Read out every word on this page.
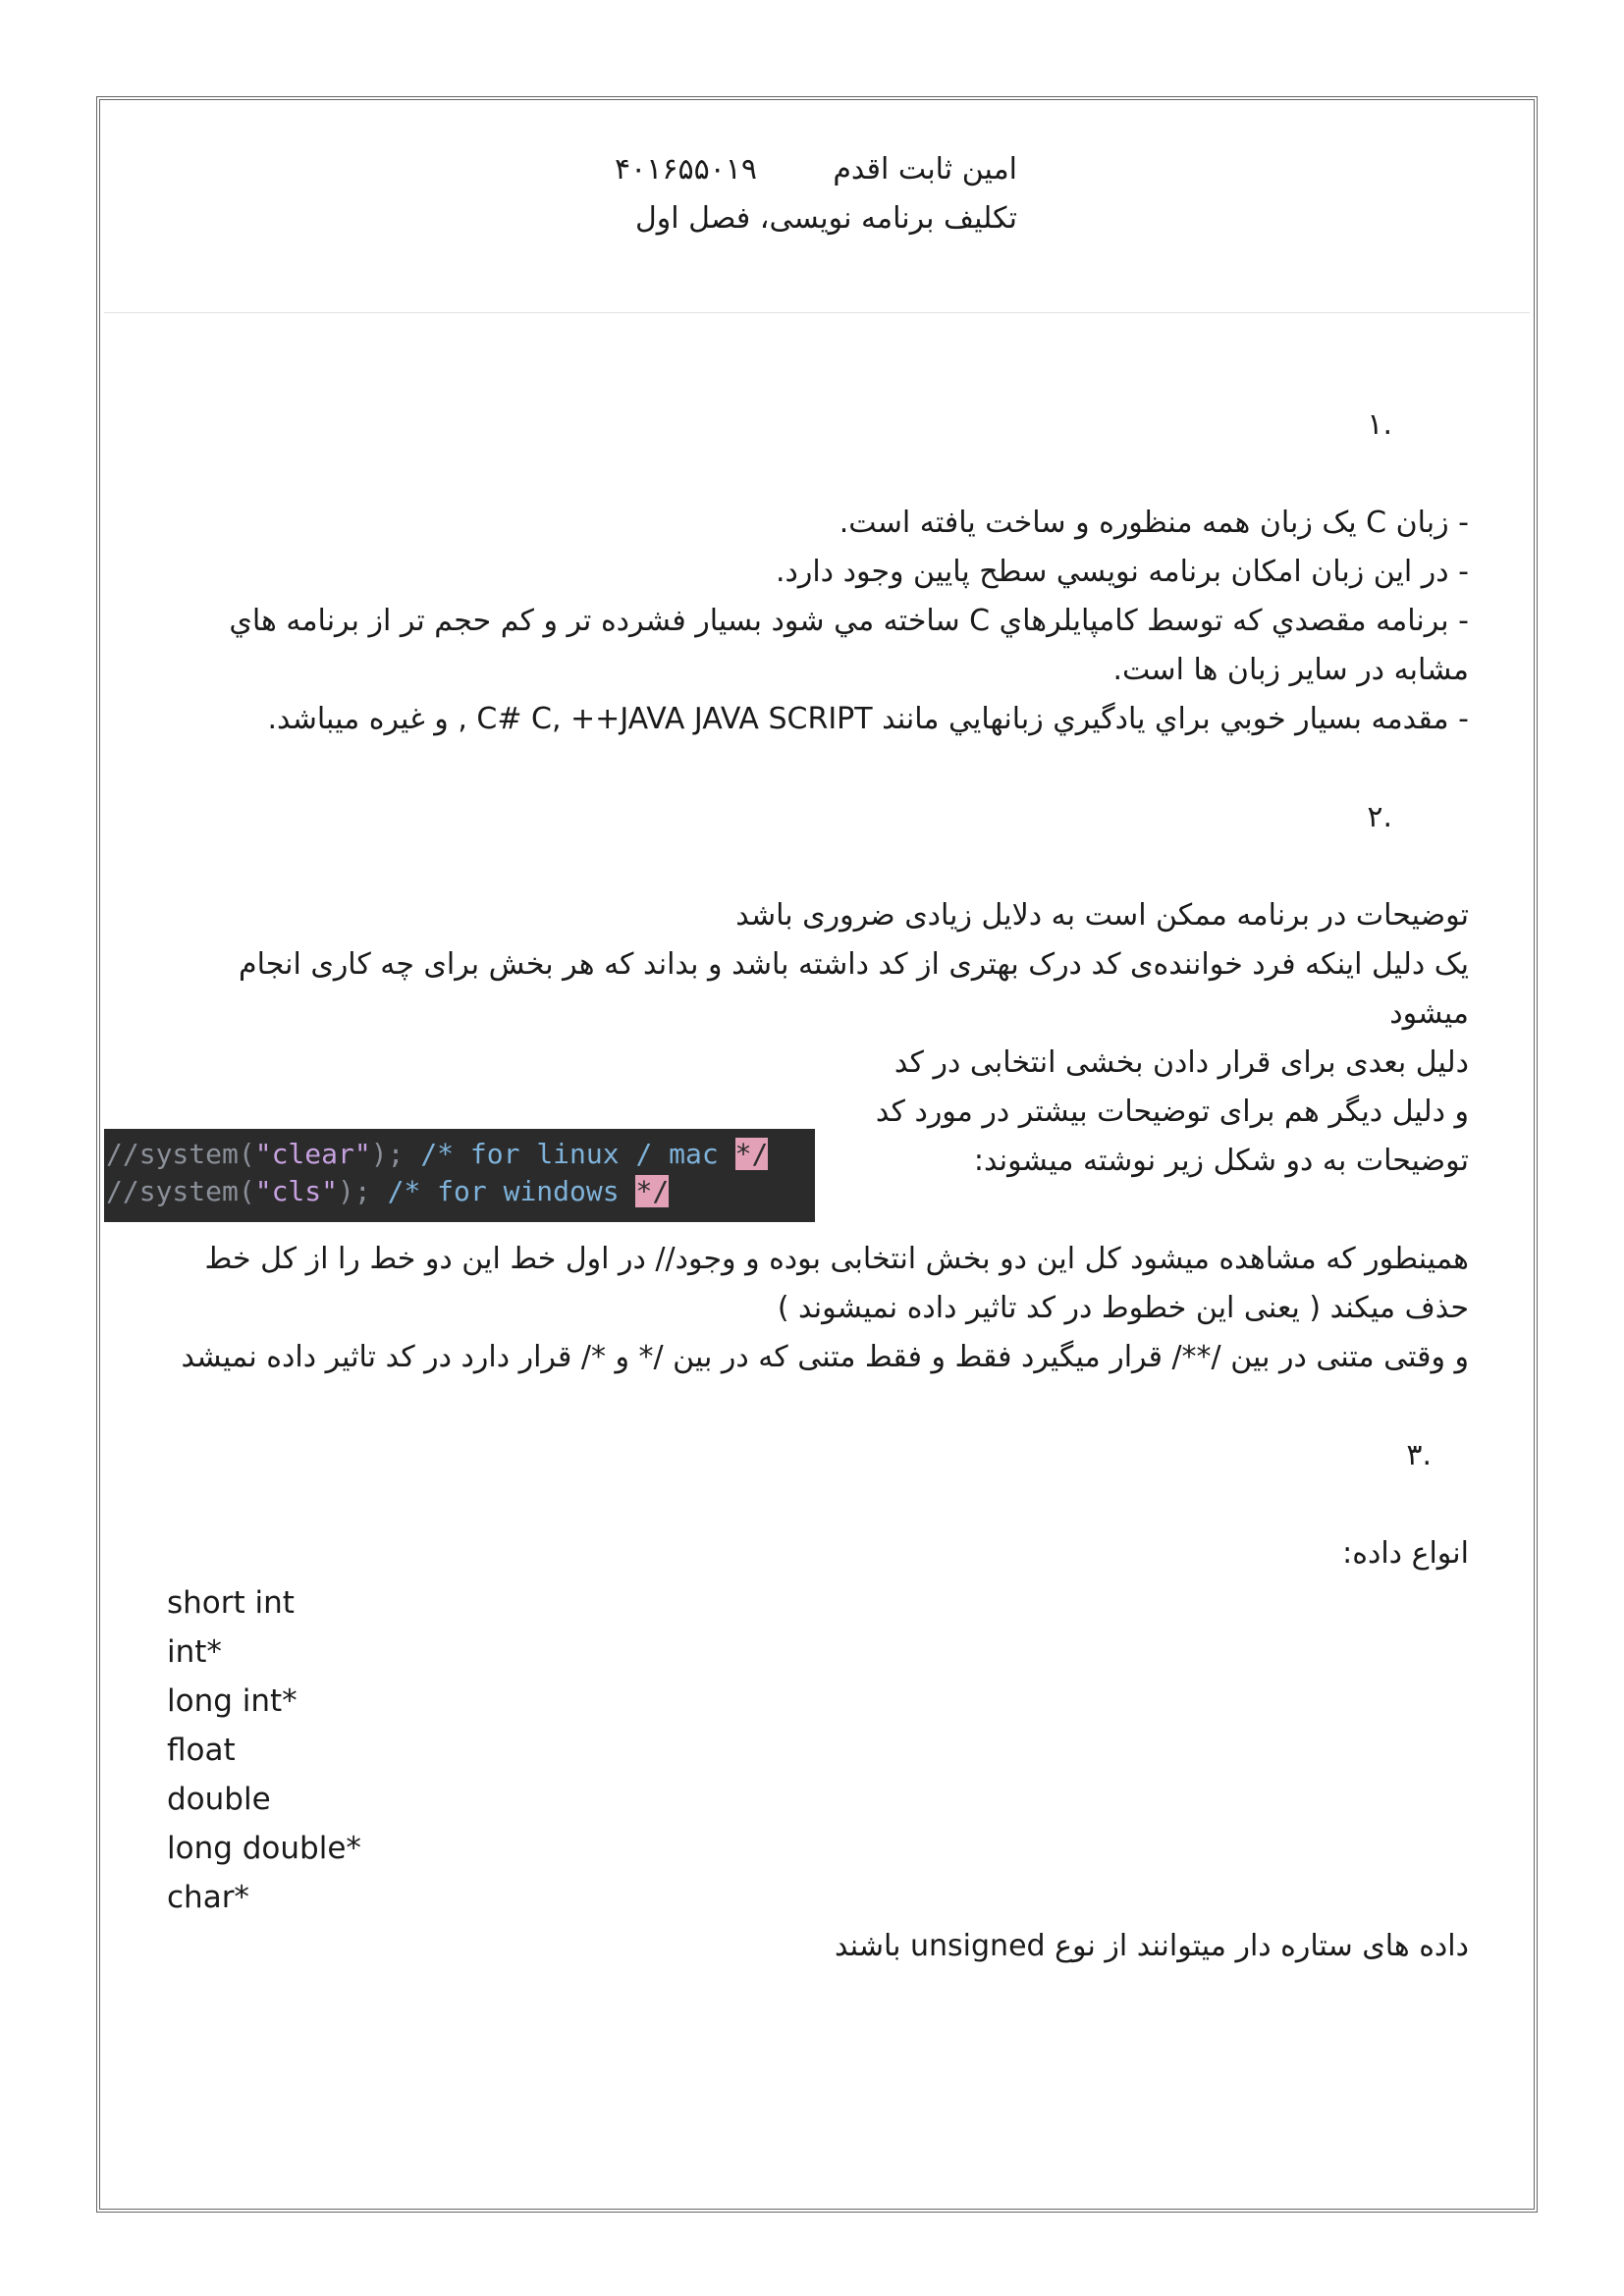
امین ثابت اقدم
۴۰۱۶۵۵۰۱۹
تکلیف برنامه نویسی، فصل اول
.۱
- زبان C یک زبان همه منظوره و ساخت یافته است.
- در این زبان امکان برنامه نويسي سطح پایين وجود دارد.
- برنامه مقصدي كه توسط كامپايلرهاي C ساخته مي شود بسيار فشرده تر و كم حجم تر از برنامه هاي
مشابه در ساير زبان ها است.
- مقدمه بسيار خوبي براي يادگيري زبانهايي مانند C# C, ++JAVA JAVA SCRIPT , و غیره میباشد.
.۲
توضیحات در برنامه ممکن است به دلایل زیادی ضروری باشد
یک دلیل اینکه فرد خواننده‌ی کد درک بهتری از کد داشته باشد و بداند که هر بخش برای چه کاری انجام
میشود
دلیل بعدی برای قرار دادن بخشی انتخابی در کد
و دلیل دیگر هم برای توضیحات بیشتر در مورد کد
توضیحات به دو شکل زیر نوشته میشوند:
//system("clear"); /* for linux / mac */
//system("cls"); /* for windows */
همینطور که مشاهده میشود کل این دو بخش انتخابی بوده و وجود// در اول خط این دو خط را از کل خط
حذف میکند ( یعنی این خطوط در کد تاثیر داده نمیشوند )
و وقتی متنی در بین /**/ قرار میگیرد فقط و فقط متنی که در بین /* و */ قرار دارد در کد تاثیر داده نمیشد
.۳
انواع داده:
short int
int*
long int*
float
double
long double*
char*
داده های ستاره دار میتوانند از نوع unsigned باشند
